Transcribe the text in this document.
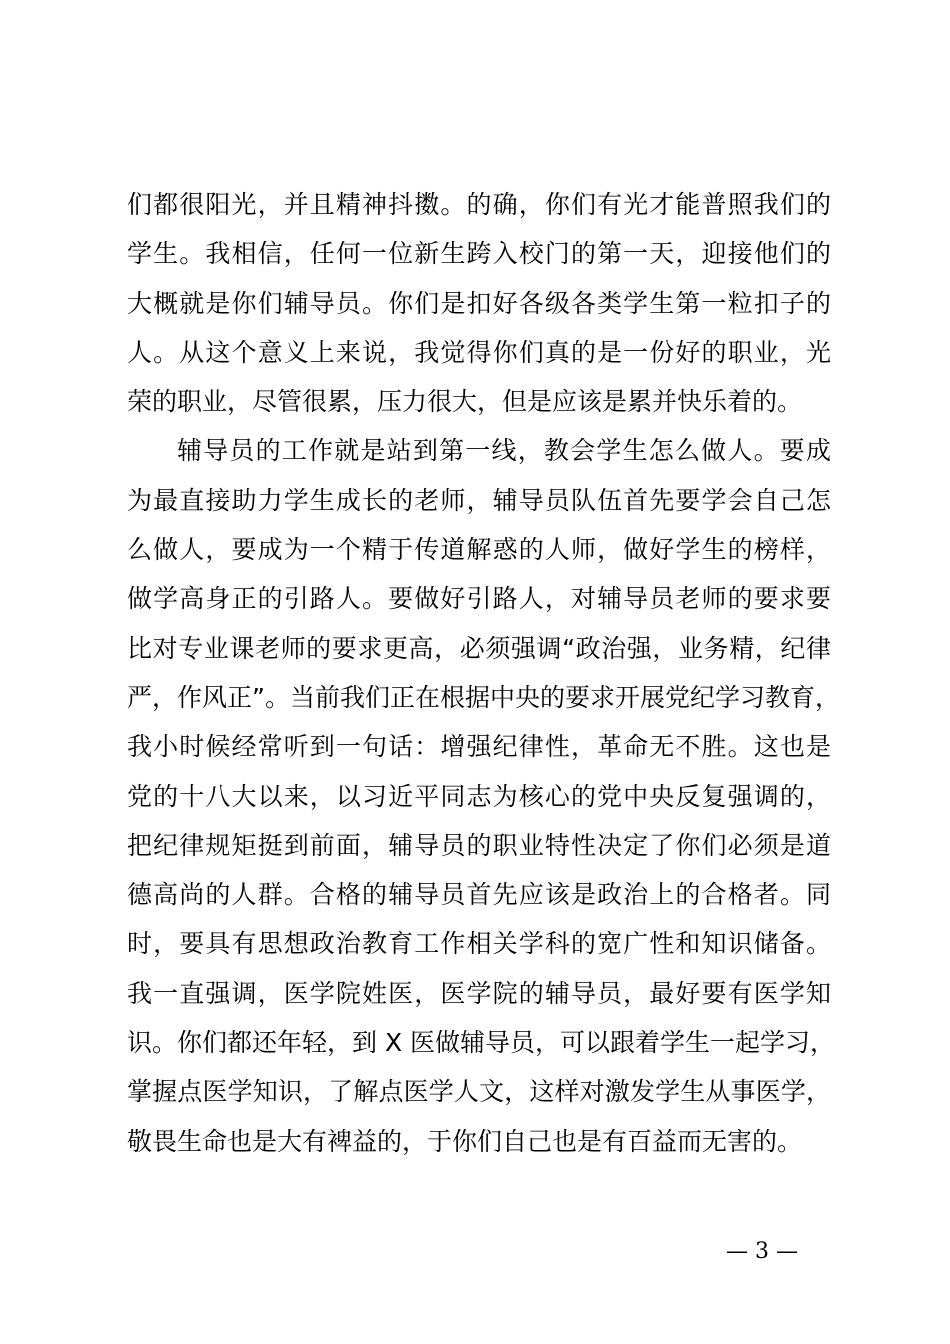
们都很阳光，并且精神抖擞。的确，你们有光才能普照我们的
学生。我相信，任何一位新生跨入校门的第一天，迎接他们的
大概就是你们辅导员。你们是扣好各级各类学生第一粒扣子的
人。从这个意义上来说，我觉得你们真的是一份好的职业，光
荣的职业，尽管很累，压力很大，但是应该是累并快乐着的。
辅导员的工作就是站到第一线，教会学生怎么做人。要成
为最直接助力学生成长的老师，辅导员队伍首先要学会自己怎
么做人，要成为一个精于传道解惑的人师，做好学生的榜样，
做学高身正的引路人。要做好引路人，对辅导员老师的要求要
比对专业课老师的要求更高，必须强调“政治强，业务精，纪律
严，作风正”。当前我们正在根据中央的要求开展党纪学习教育，
我小时候经常听到一句话：增强纪律性，革命无不胜。这也是
党的十八大以来，以习近平同志为核心的党中央反复强调的，
把纪律规矩挺到前面，辅导员的职业特性决定了你们必须是道
德高尚的人群。合格的辅导员首先应该是政治上的合格者。同
时，要具有思想政治教育工作相关学科的宽广性和知识储备。
我一直强调，医学院姓医，医学院的辅导员，最好要有医学知
识。你们都还年轻，到 X 医做辅导员，可以跟着学生一起学习，
掌握点医学知识，了解点医学人文，这样对激发学生从事医学，
敬畏生命也是大有裨益的，于你们自己也是有百益而无害的。
— 3 —
